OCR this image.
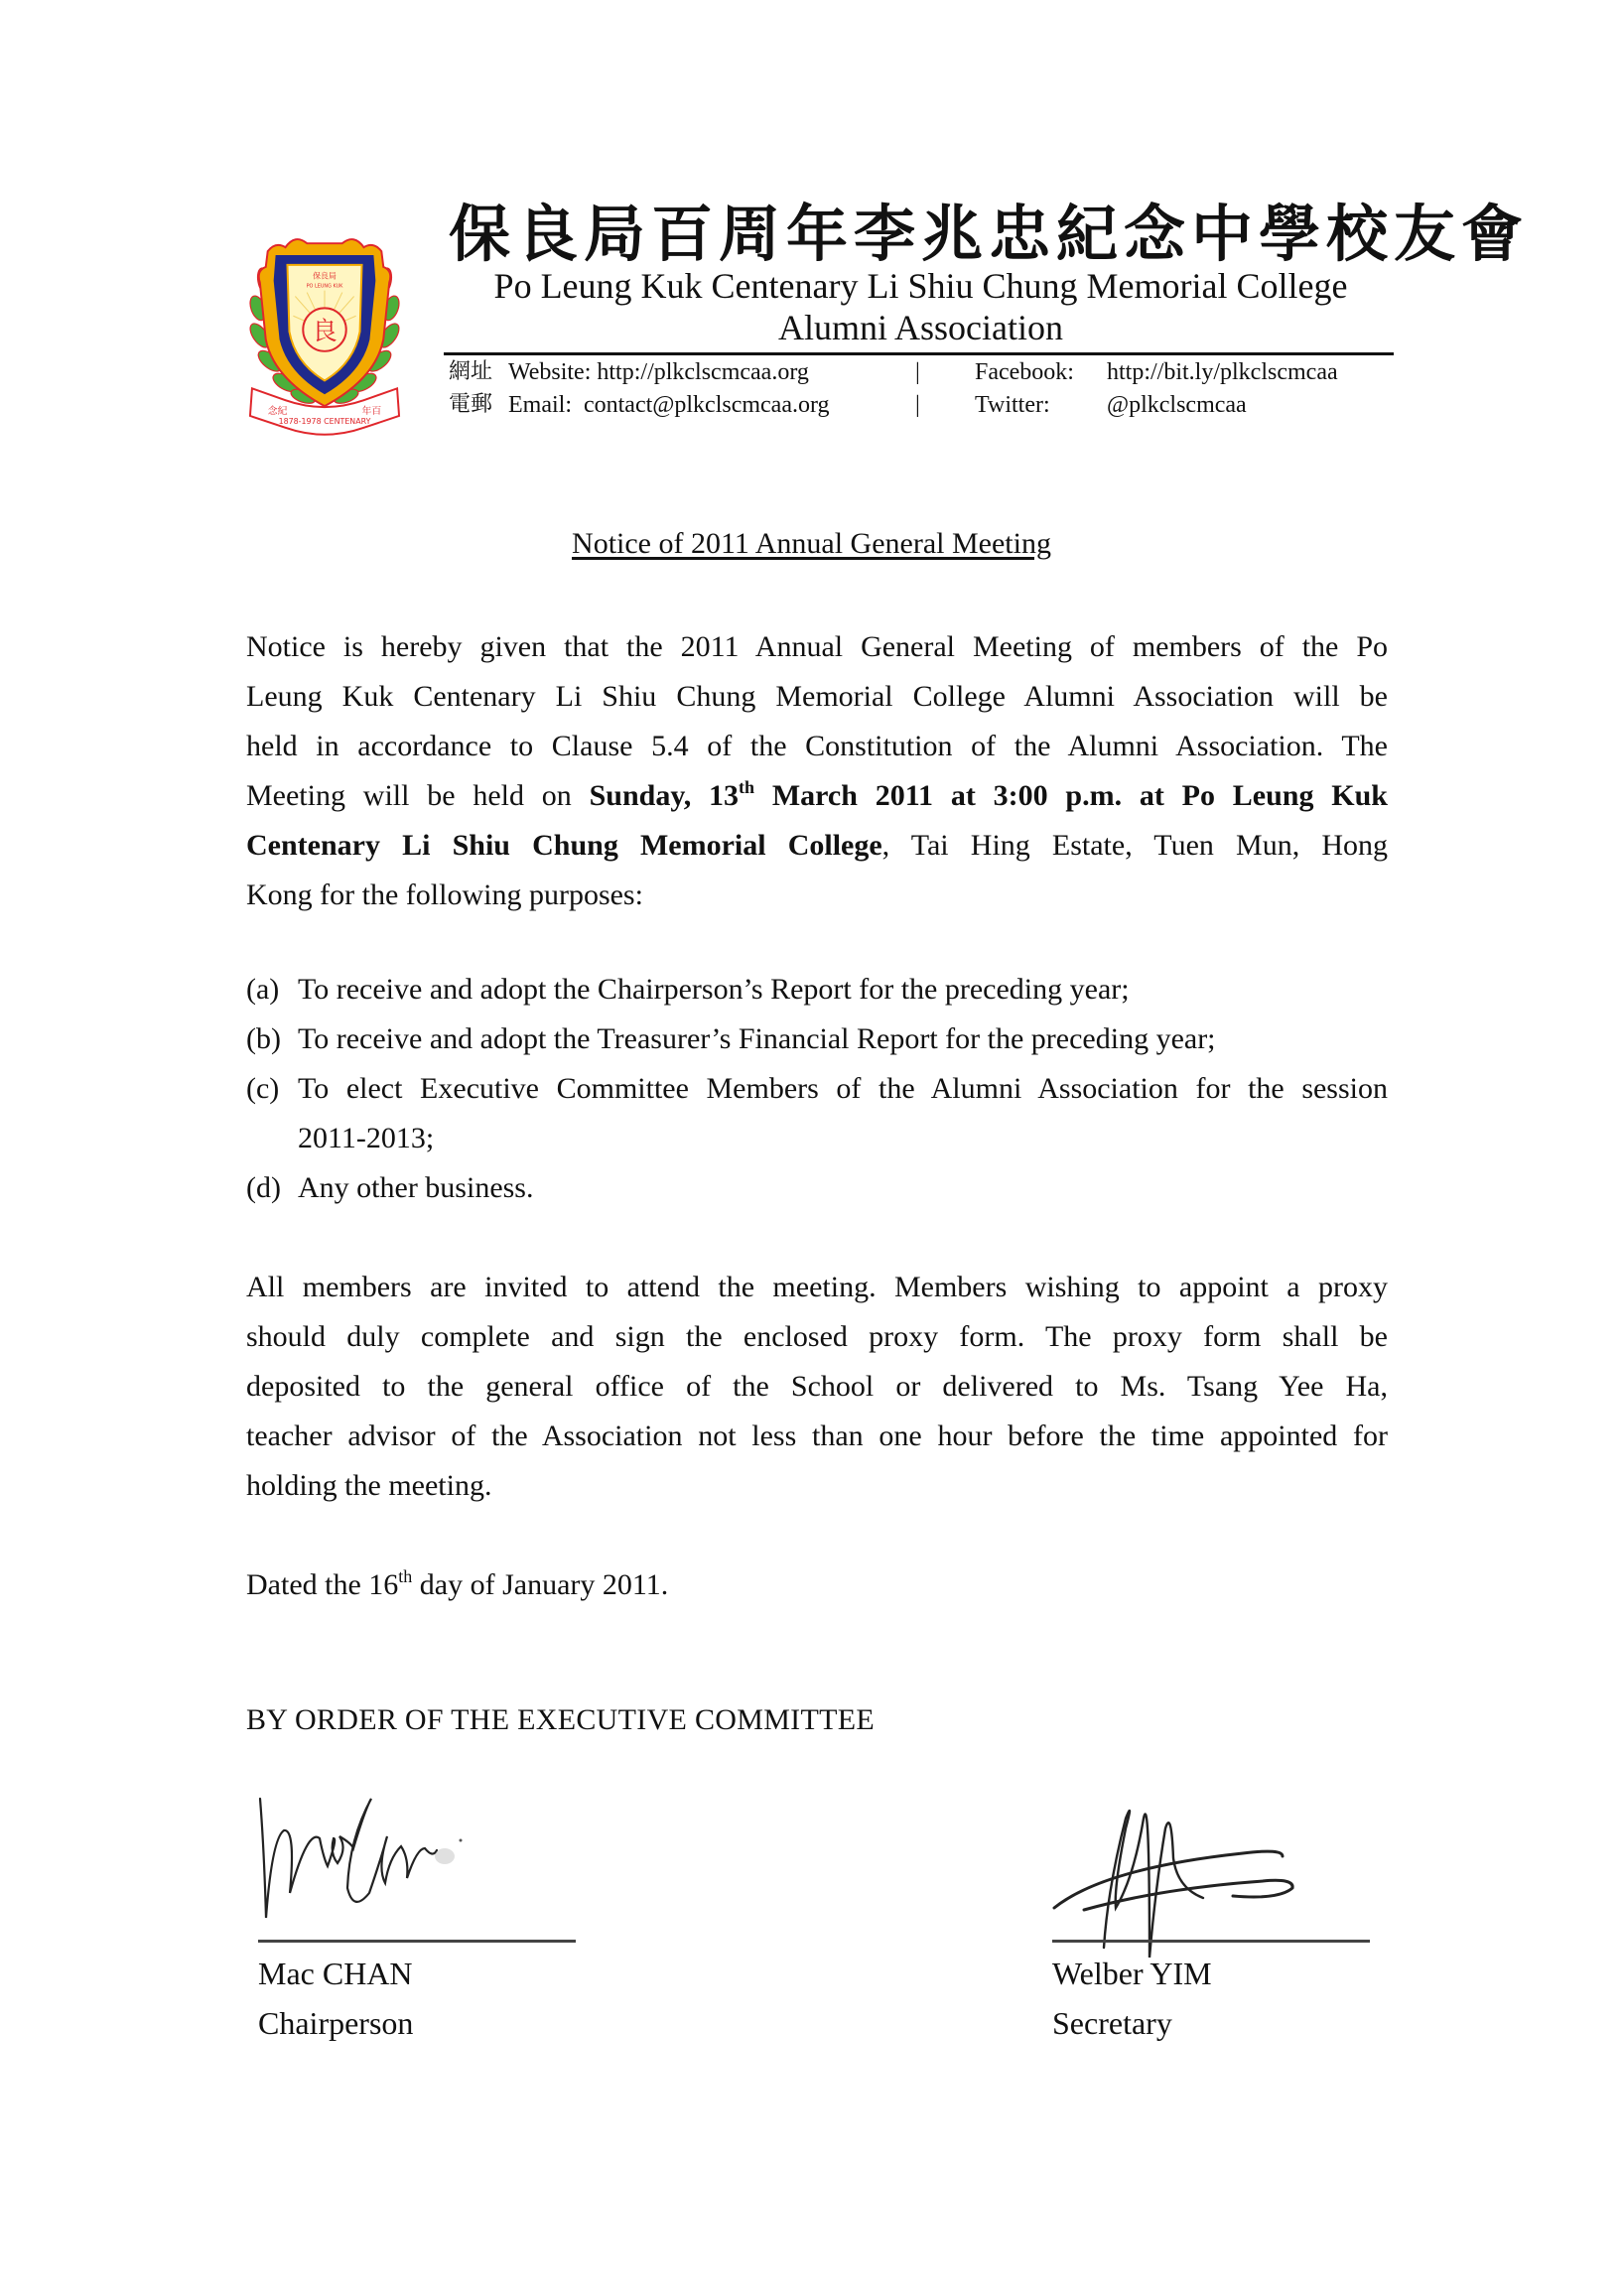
保良局
PO LEUNG KUK
良
念紀	年百
1878-1978 CENTENARY
保良局百周年李兆忠紀念中學校友會
Po Leung Kuk Centenary Li Shiu Chung Memorial College
Alumni Association
網址 Website: http://plkclscmcaa.org	| Facebook: http://bit.ly/plkclscmcaa
電郵 Email: contact@plkclscmcaa.org	| Twitter: @plkclscmcaa
Notice of 2011 Annual General Meeting
Notice is hereby given that the 2011 Annual General Meeting of members of the Po
Leung Kuk Centenary Li Shiu Chung Memorial College Alumni Association will be
held in accordance to Clause 5.4 of the Constitution of the Alumni Association. The
Meeting will be held on Sunday, 13th March 2011 at 3:00 p.m. at Po Leung Kuk
Centenary Li Shiu Chung Memorial College, Tai Hing Estate, Tuen Mun, Hong
Kong for the following purposes:
(a) To receive and adopt the Chairperson’s Report for the preceding year;
(b) To receive and adopt the Treasurer’s Financial Report for the preceding year;
(c) To elect Executive Committee Members of the Alumni Association for the session
2011-2013;
(d) Any other business.
All members are invited to attend the meeting. Members wishing to appoint a proxy
should duly complete and sign the enclosed proxy form. The proxy form shall be
deposited to the general office of the School or delivered to Ms. Tsang Yee Ha,
teacher advisor of the Association not less than one hour before the time appointed for
holding the meeting.
Dated the 16th day of January 2011.
BY ORDER OF THE EXECUTIVE COMMITTEE
Mac CHAN
Chairperson
Welber YIM
Secretary
